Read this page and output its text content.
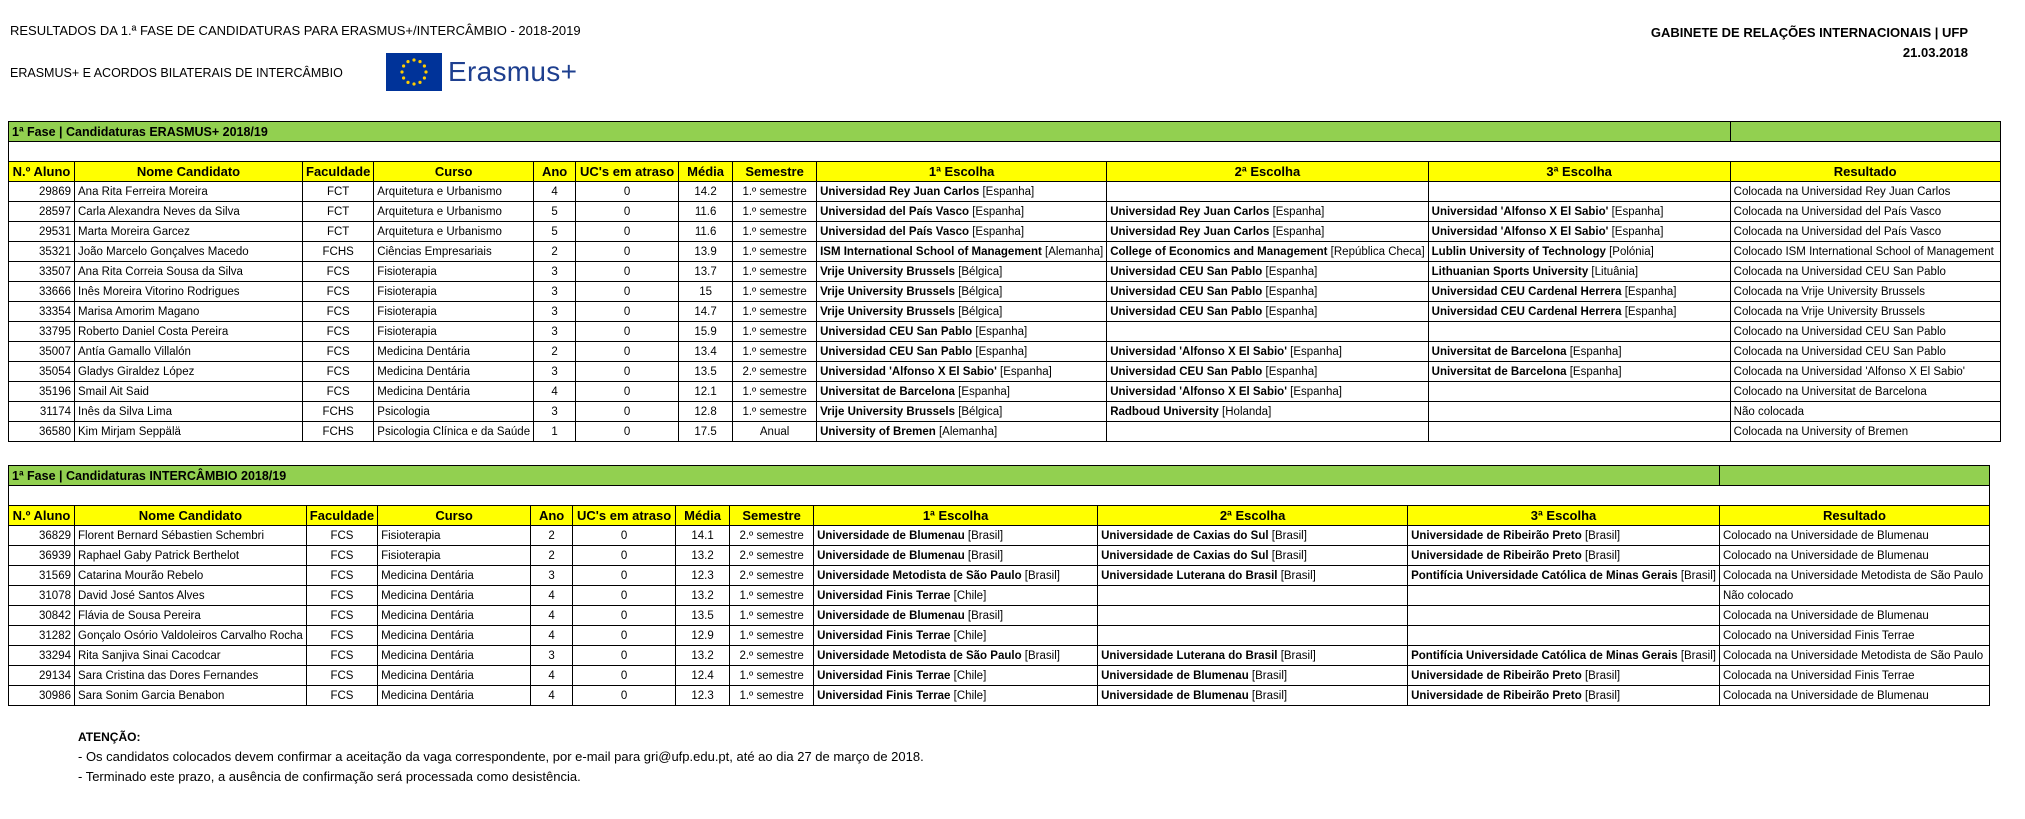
RESULTADOS DA 1.ª FASE DE CANDIDATURAS PARA ERASMUS+/INTERCÂMBIO - 2018-2019
ERASMUS+ E ACORDOS BILATERAIS DE INTERCÂMBIO
GABINETE DE RELAÇÕES INTERNACIONAIS | UFP
21.03.2018
Erasmus+
1ª Fase | Candidaturas ERASMUS+ 2018/19											

N.º Aluno	Nome Candidato	Faculdade	Curso	Ano	UC's em atraso	Média	Semestre	1ª Escolha	2ª Escolha	3ª Escolha	Resultado
29869	Ana Rita Ferreira Moreira	FCT	Arquitetura e Urbanismo	4	0	14.2	1.º semestre	Universidad Rey Juan Carlos [Espanha]			Colocada na Universidad Rey Juan Carlos
28597	Carla Alexandra Neves da Silva	FCT	Arquitetura e Urbanismo	5	0	11.6	1.º semestre	Universidad del País Vasco [Espanha]	Universidad Rey Juan Carlos [Espanha]	Universidad 'Alfonso X El Sabio' [Espanha]	Colocada na Universidad del País Vasco
29531	Marta Moreira Garcez	FCT	Arquitetura e Urbanismo	5	0	11.6	1.º semestre	Universidad del País Vasco [Espanha]	Universidad Rey Juan Carlos [Espanha]	Universidad 'Alfonso X El Sabio' [Espanha]	Colocada na Universidad del País Vasco
35321	João Marcelo Gonçalves Macedo	FCHS	Ciências Empresariais	2	0	13.9	1.º semestre	ISM International School of Management [Alemanha]	College of Economics and Management [República Checa]	Lublin University of Technology [Polónia]	Colocado ISM International School of Management
33507	Ana Rita Correia Sousa da Silva	FCS	Fisioterapia	3	0	13.7	1.º semestre	Vrije University Brussels [Bélgica]	Universidad CEU San Pablo [Espanha]	Lithuanian Sports University [Lituânia]	Colocada na Universidad CEU San Pablo
33666	Inês Moreira Vitorino Rodrigues	FCS	Fisioterapia	3	0	15	1.º semestre	Vrije University Brussels [Bélgica]	Universidad CEU San Pablo [Espanha]	Universidad CEU Cardenal Herrera [Espanha]	Colocada na Vrije University Brussels
33354	Marisa Amorim Magano	FCS	Fisioterapia	3	0	14.7	1.º semestre	Vrije University Brussels [Bélgica]	Universidad CEU San Pablo [Espanha]	Universidad CEU Cardenal Herrera [Espanha]	Colocada na Vrije University Brussels
33795	Roberto Daniel Costa Pereira	FCS	Fisioterapia	3	0	15.9	1.º semestre	Universidad CEU San Pablo [Espanha]			Colocado na Universidad CEU San Pablo
35007	Antía Gamallo Villalón	FCS	Medicina Dentária	2	0	13.4	1.º semestre	Universidad CEU San Pablo [Espanha]	Universidad 'Alfonso X El Sabio' [Espanha]	Universitat de Barcelona [Espanha]	Colocada na Universidad CEU San Pablo
35054	Gladys Giraldez López	FCS	Medicina Dentária	3	0	13.5	2.º semestre	Universidad 'Alfonso X El Sabio' [Espanha]	Universidad CEU San Pablo [Espanha]	Universitat de Barcelona [Espanha]	Colocada na Universidad 'Alfonso X El Sabio'
35196	Smail Ait Said	FCS	Medicina Dentária	4	0	12.1	1.º semestre	Universitat de Barcelona [Espanha]	Universidad 'Alfonso X El Sabio' [Espanha]		Colocado na Universitat de Barcelona
31174	Inês da Silva Lima	FCHS	Psicologia	3	0	12.8	1.º semestre	Vrije University Brussels [Bélgica]	Radboud University [Holanda]		Não colocada
36580	Kim Mirjam Seppälä	FCHS	Psicologia Clínica e da Saúde	1	0	17.5	Anual	University of Bremen [Alemanha]			Colocada na University of Bremen
1ª Fase | Candidaturas INTERCÂMBIO 2018/19											

N.º Aluno	Nome Candidato	Faculdade	Curso	Ano	UC's em atraso	Média	Semestre	1ª Escolha	2ª Escolha	3ª Escolha	Resultado
36829	Florent Bernard Sébastien Schembri	FCS	Fisioterapia	2	0	14.1	2.º semestre	Universidade de Blumenau [Brasil]	Universidade de Caxias do Sul [Brasil]	Universidade de Ribeirão Preto [Brasil]	Colocado na Universidade de Blumenau
36939	Raphael Gaby Patrick Berthelot	FCS	Fisioterapia	2	0	13.2	2.º semestre	Universidade de Blumenau [Brasil]	Universidade de Caxias do Sul [Brasil]	Universidade de Ribeirão Preto [Brasil]	Colocado na Universidade de Blumenau
31569	Catarina Mourão Rebelo	FCS	Medicina Dentária	3	0	12.3	2.º semestre	Universidade Metodista de São Paulo [Brasil]	Universidade Luterana do Brasil [Brasil]	Pontifícia Universidade Católica de Minas Gerais [Brasil]	Colocada na Universidade Metodista de São Paulo
31078	David José Santos Alves	FCS	Medicina Dentária	4	0	13.2	1.º semestre	Universidad Finis Terrae [Chile]			Não colocado
30842	Flávia de Sousa Pereira	FCS	Medicina Dentária	4	0	13.5	1.º semestre	Universidade de Blumenau [Brasil]			Colocada na Universidade de Blumenau
31282	Gonçalo Osório Valdoleiros Carvalho Rocha	FCS	Medicina Dentária	4	0	12.9	1.º semestre	Universidad Finis Terrae [Chile]			Colocado na Universidad Finis Terrae
33294	Rita Sanjiva Sinai Cacodcar	FCS	Medicina Dentária	3	0	13.2	2.º semestre	Universidade Metodista de São Paulo [Brasil]	Universidade Luterana do Brasil [Brasil]	Pontifícia Universidade Católica de Minas Gerais [Brasil]	Colocada na Universidade Metodista de São Paulo
29134	Sara Cristina das Dores Fernandes	FCS	Medicina Dentária	4	0	12.4	1.º semestre	Universidad Finis Terrae [Chile]	Universidade de Blumenau [Brasil]	Universidade de Ribeirão Preto [Brasil]	Colocada na Universidad Finis Terrae
30986	Sara Sonim Garcia Benabon	FCS	Medicina Dentária	4	0	12.3	1.º semestre	Universidad Finis Terrae [Chile]	Universidade de Blumenau [Brasil]	Universidade de Ribeirão Preto [Brasil]	Colocada na Universidade de Blumenau
ATENÇÃO:
- Os candidatos colocados devem confirmar a aceitação da vaga correspondente, por e-mail para gri@ufp.edu.pt, até ao dia 27 de março de 2018.
- Terminado este prazo, a ausência de confirmação será processada como desistência.
